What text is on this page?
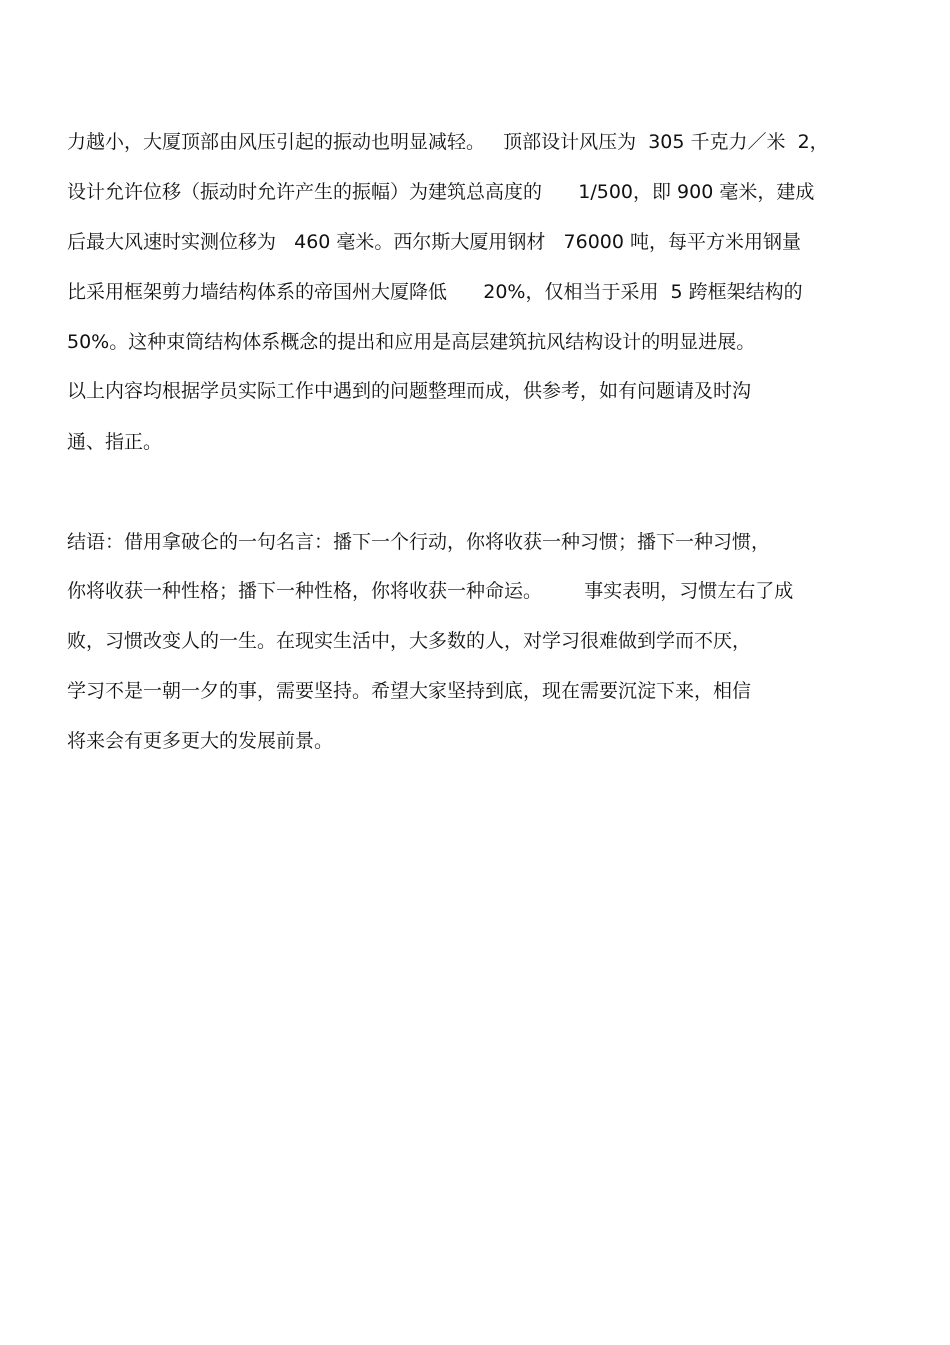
力越小，大厦顶部由风压引起的振动也明显减轻。   顶部设计风压为  305 千克力／米  2，
设计允许位移（振动时允许产生的振幅）为建筑总高度的      1/500，即 900 毫米，建成
后最大风速时实测位移为   460 毫米。西尔斯大厦用钢材   76000 吨，每平方米用钢量
比采用框架剪力墙结构体系的帝国州大厦降低      20%，仅相当于采用  5 跨框架结构的
50%。这种束筒结构体系概念的提出和应用是高层建筑抗风结构设计的明显进展。
以上内容均根据学员实际工作中遇到的问题整理而成，供参考，如有问题请及时沟
通、指正。
结语：借用拿破仑的一句名言：播下一个行动，你将收获一种习惯；播下一种习惯，
你将收获一种性格；播下一种性格，你将收获一种命运。       事实表明，习惯左右了成
败，习惯改变人的一生。在现实生活中，大多数的人，对学习很难做到学而不厌，
学习不是一朝一夕的事，需要坚持。希望大家坚持到底，现在需要沉淀下来，相信
将来会有更多更大的发展前景。
